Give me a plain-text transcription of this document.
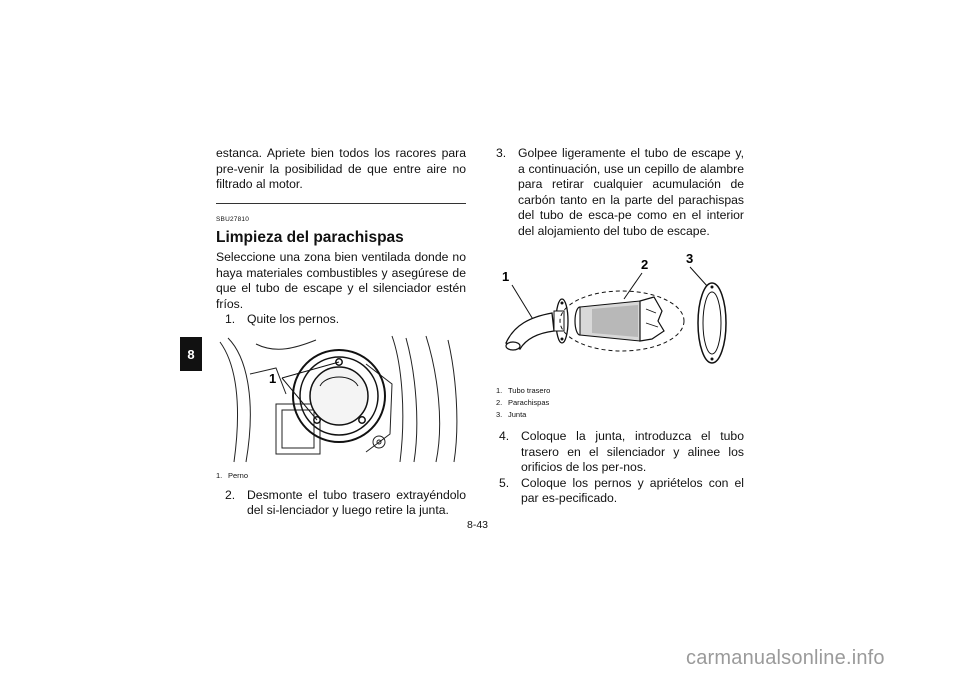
8

estanca. Apriete bien todos los racores para pre-venir la posibilidad de que entre aire no filtrado al motor.

SBU27810
Limpieza del parachispas

Seleccione una zona bien ventilada donde no haya materiales combustibles y asegúrese de que el tubo de escape y el silenciador estén fríos.

1. Quite los pernos.
1
1. Perno
2. Desmonte el tubo trasero extrayéndolo del si-lenciador y luego retire la junta.
3. Golpee ligeramente el tubo de escape y, a continuación, use un cepillo de alambre para retirar cualquier acumulación de carbón tanto en la parte del parachispas del tubo de esca-pe como en el interior del alojamiento del tubo de escape.
1
2	3
1. Tubo trasero
2. Parachispas
3. Junta
4. Coloque la junta, introduzca el tubo trasero en el silenciador y alinee los orificios de los per-nos.
5. Coloque los pernos y apriételos con el par es-pecificado.
8-43
carmanualsonline.info
